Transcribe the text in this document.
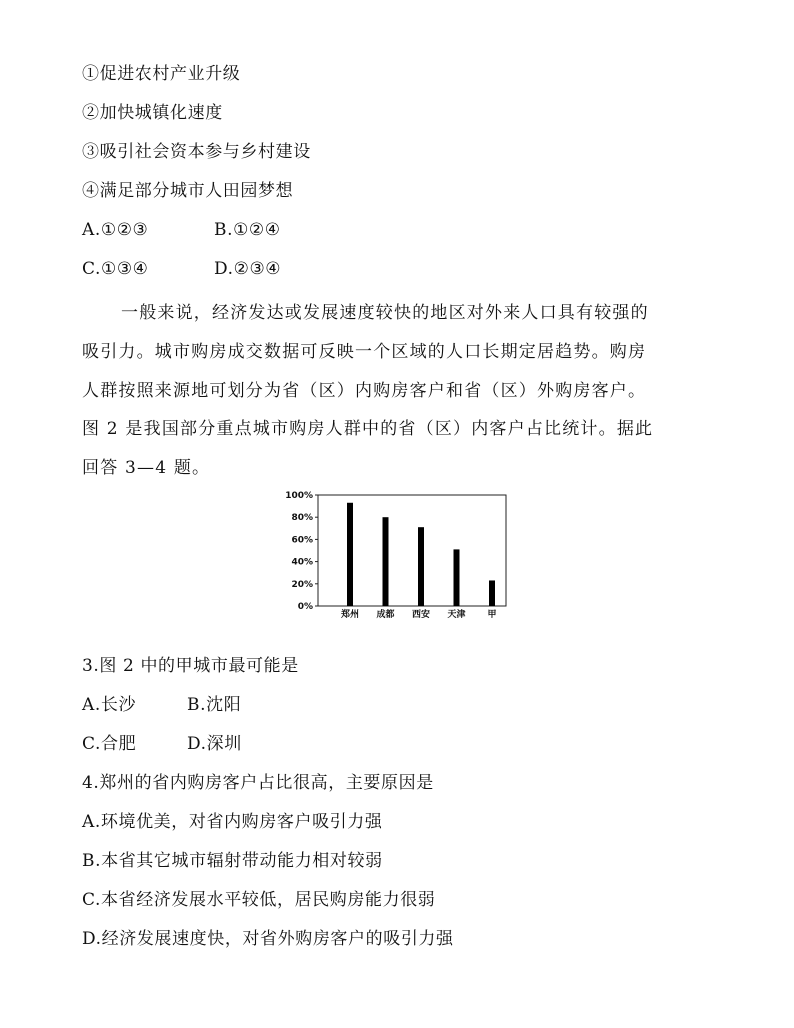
①促进农村产业升级
②加快城镇化速度
③吸引社会资本参与乡村建设
④满足部分城市人田园梦想
A.①②③	B.①②④
C.①③④	D.②③④
一般来说，经济发达或发展速度较快的地区对外来人口具有较强的
吸引力。城市购房成交数据可反映一个区域的人口长期定居趋势。购房
人群按照来源地可划分为省（区）内购房客户和省（区）外购房客户。
图 2 是我国部分重点城市购房人群中的省（区）内客户占比统计。据此
回答 3—4 题。
100%
80%
60%
40%
20%
0%
郑州 成都 西安 天津 甲
3.图 2 中的甲城市最可能是
A.长沙	B.沈阳
C.合肥	D.深圳
4.郑州的省内购房客户占比很高，主要原因是
A.环境优美，对省内购房客户吸引力强
B.本省其它城市辐射带动能力相对较弱
C.本省经济发展水平较低，居民购房能力很弱
D.经济发展速度快，对省外购房客户的吸引力强
